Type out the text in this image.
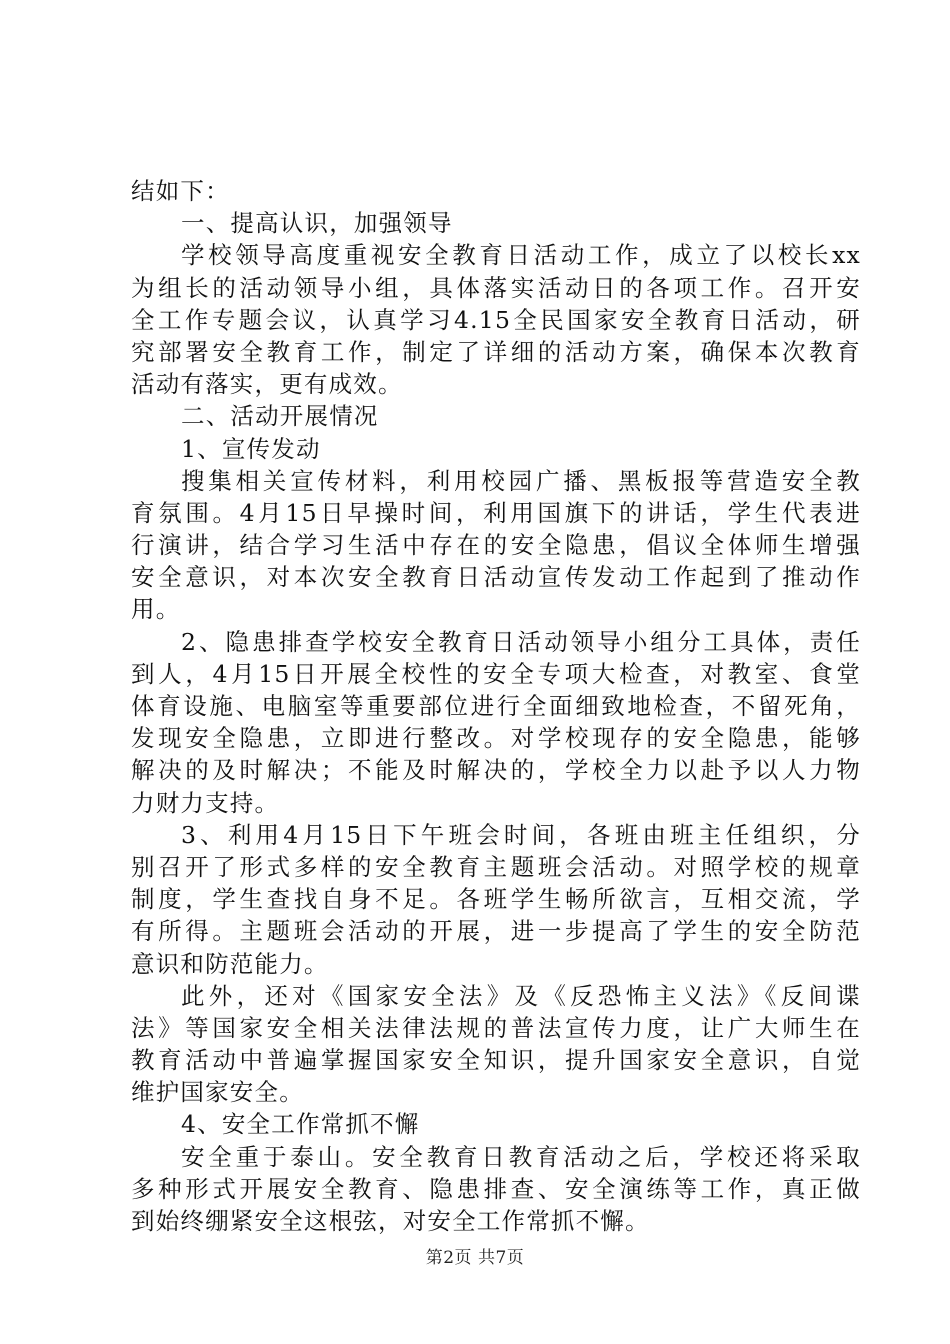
结如下：
一、提高认识，加强领导
学校领导高度重视安全教育日活动工作，成立了以校长xx
为组长的活动领导小组，具体落实活动日的各项工作。召开安
全工作专题会议，认真学习4.15全民国家安全教育日活动，研
究部署安全教育工作，制定了详细的活动方案，确保本次教育
活动有落实，更有成效。
二、活动开展情况
1、宣传发动
搜集相关宣传材料，利用校园广播、黑板报等营造安全教
育氛围。4月15日早操时间，利用国旗下的讲话，学生代表进
行演讲，结合学习生活中存在的安全隐患，倡议全体师生增强
安全意识，对本次安全教育日活动宣传发动工作起到了推动作
用。
2、隐患排查学校安全教育日活动领导小组分工具体，责任
到人，4月15日开展全校性的安全专项大检查，对教室、食堂
体育设施、电脑室等重要部位进行全面细致地检查，不留死角，
发现安全隐患，立即进行整改。对学校现存的安全隐患，能够
解决的及时解决；不能及时解决的，学校全力以赴予以人力物
力财力支持。
3、利用4月15日下午班会时间，各班由班主任组织，分
别召开了形式多样的安全教育主题班会活动。对照学校的规章
制度，学生查找自身不足。各班学生畅所欲言，互相交流，学
有所得。主题班会活动的开展，进一步提高了学生的安全防范
意识和防范能力。
此外，还对《国家安全法》及《反恐怖主义法》《反间谍
法》等国家安全相关法律法规的普法宣传力度，让广大师生在
教育活动中普遍掌握国家安全知识，提升国家安全意识，自觉
维护国家安全。
4、安全工作常抓不懈
安全重于泰山。安全教育日教育活动之后，学校还将采取
多种形式开展安全教育、隐患排查、安全演练等工作，真正做
到始终绷紧安全这根弦，对安全工作常抓不懈。
第2页 共7页
